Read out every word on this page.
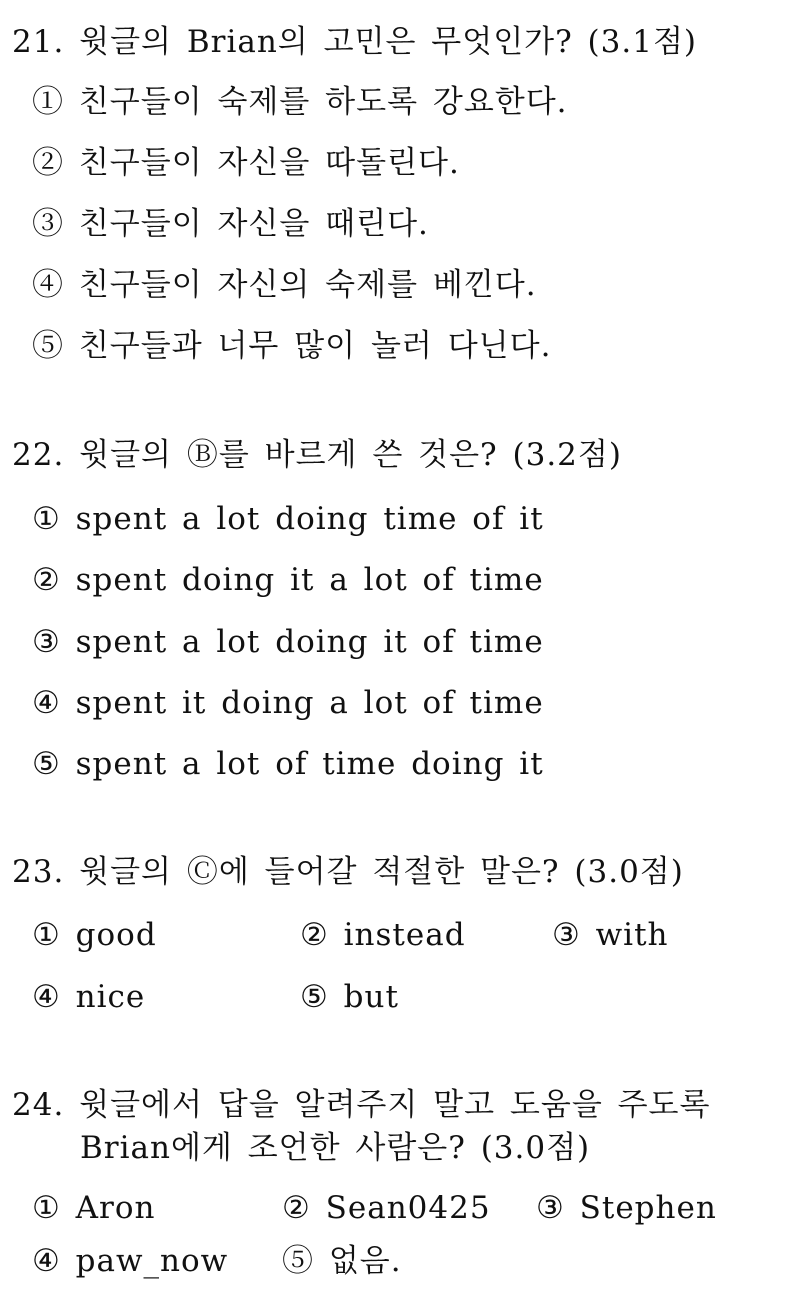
21. 윗글의 Brian의 고민은 무엇인가? (3.1점)
① 친구들이 숙제를 하도록 강요한다.
② 친구들이 자신을 따돌린다.
③ 친구들이 자신을 때린다.
④ 친구들이 자신의 숙제를 베낀다.
⑤ 친구들과 너무 많이 놀러 다닌다.
22. 윗글의 Ⓑ를 바르게 쓴 것은? (3.2점)
① spent a lot doing time of it
② spent doing it a lot of time
③ spent a lot doing it of time
④ spent it doing a lot of time
⑤ spent a lot of time doing it
23. 윗글의 Ⓒ에 들어갈 적절한 말은? (3.0점)
① good	② instead	③ with
④ nice	⑤ but
24. 윗글에서 답을 알려주지 말고 도움을 주도록
Brian에게 조언한 사람은? (3.0점)
① Aron	② Sean0425 ③ Stephen
④ paw_now ⑤ 없음.
